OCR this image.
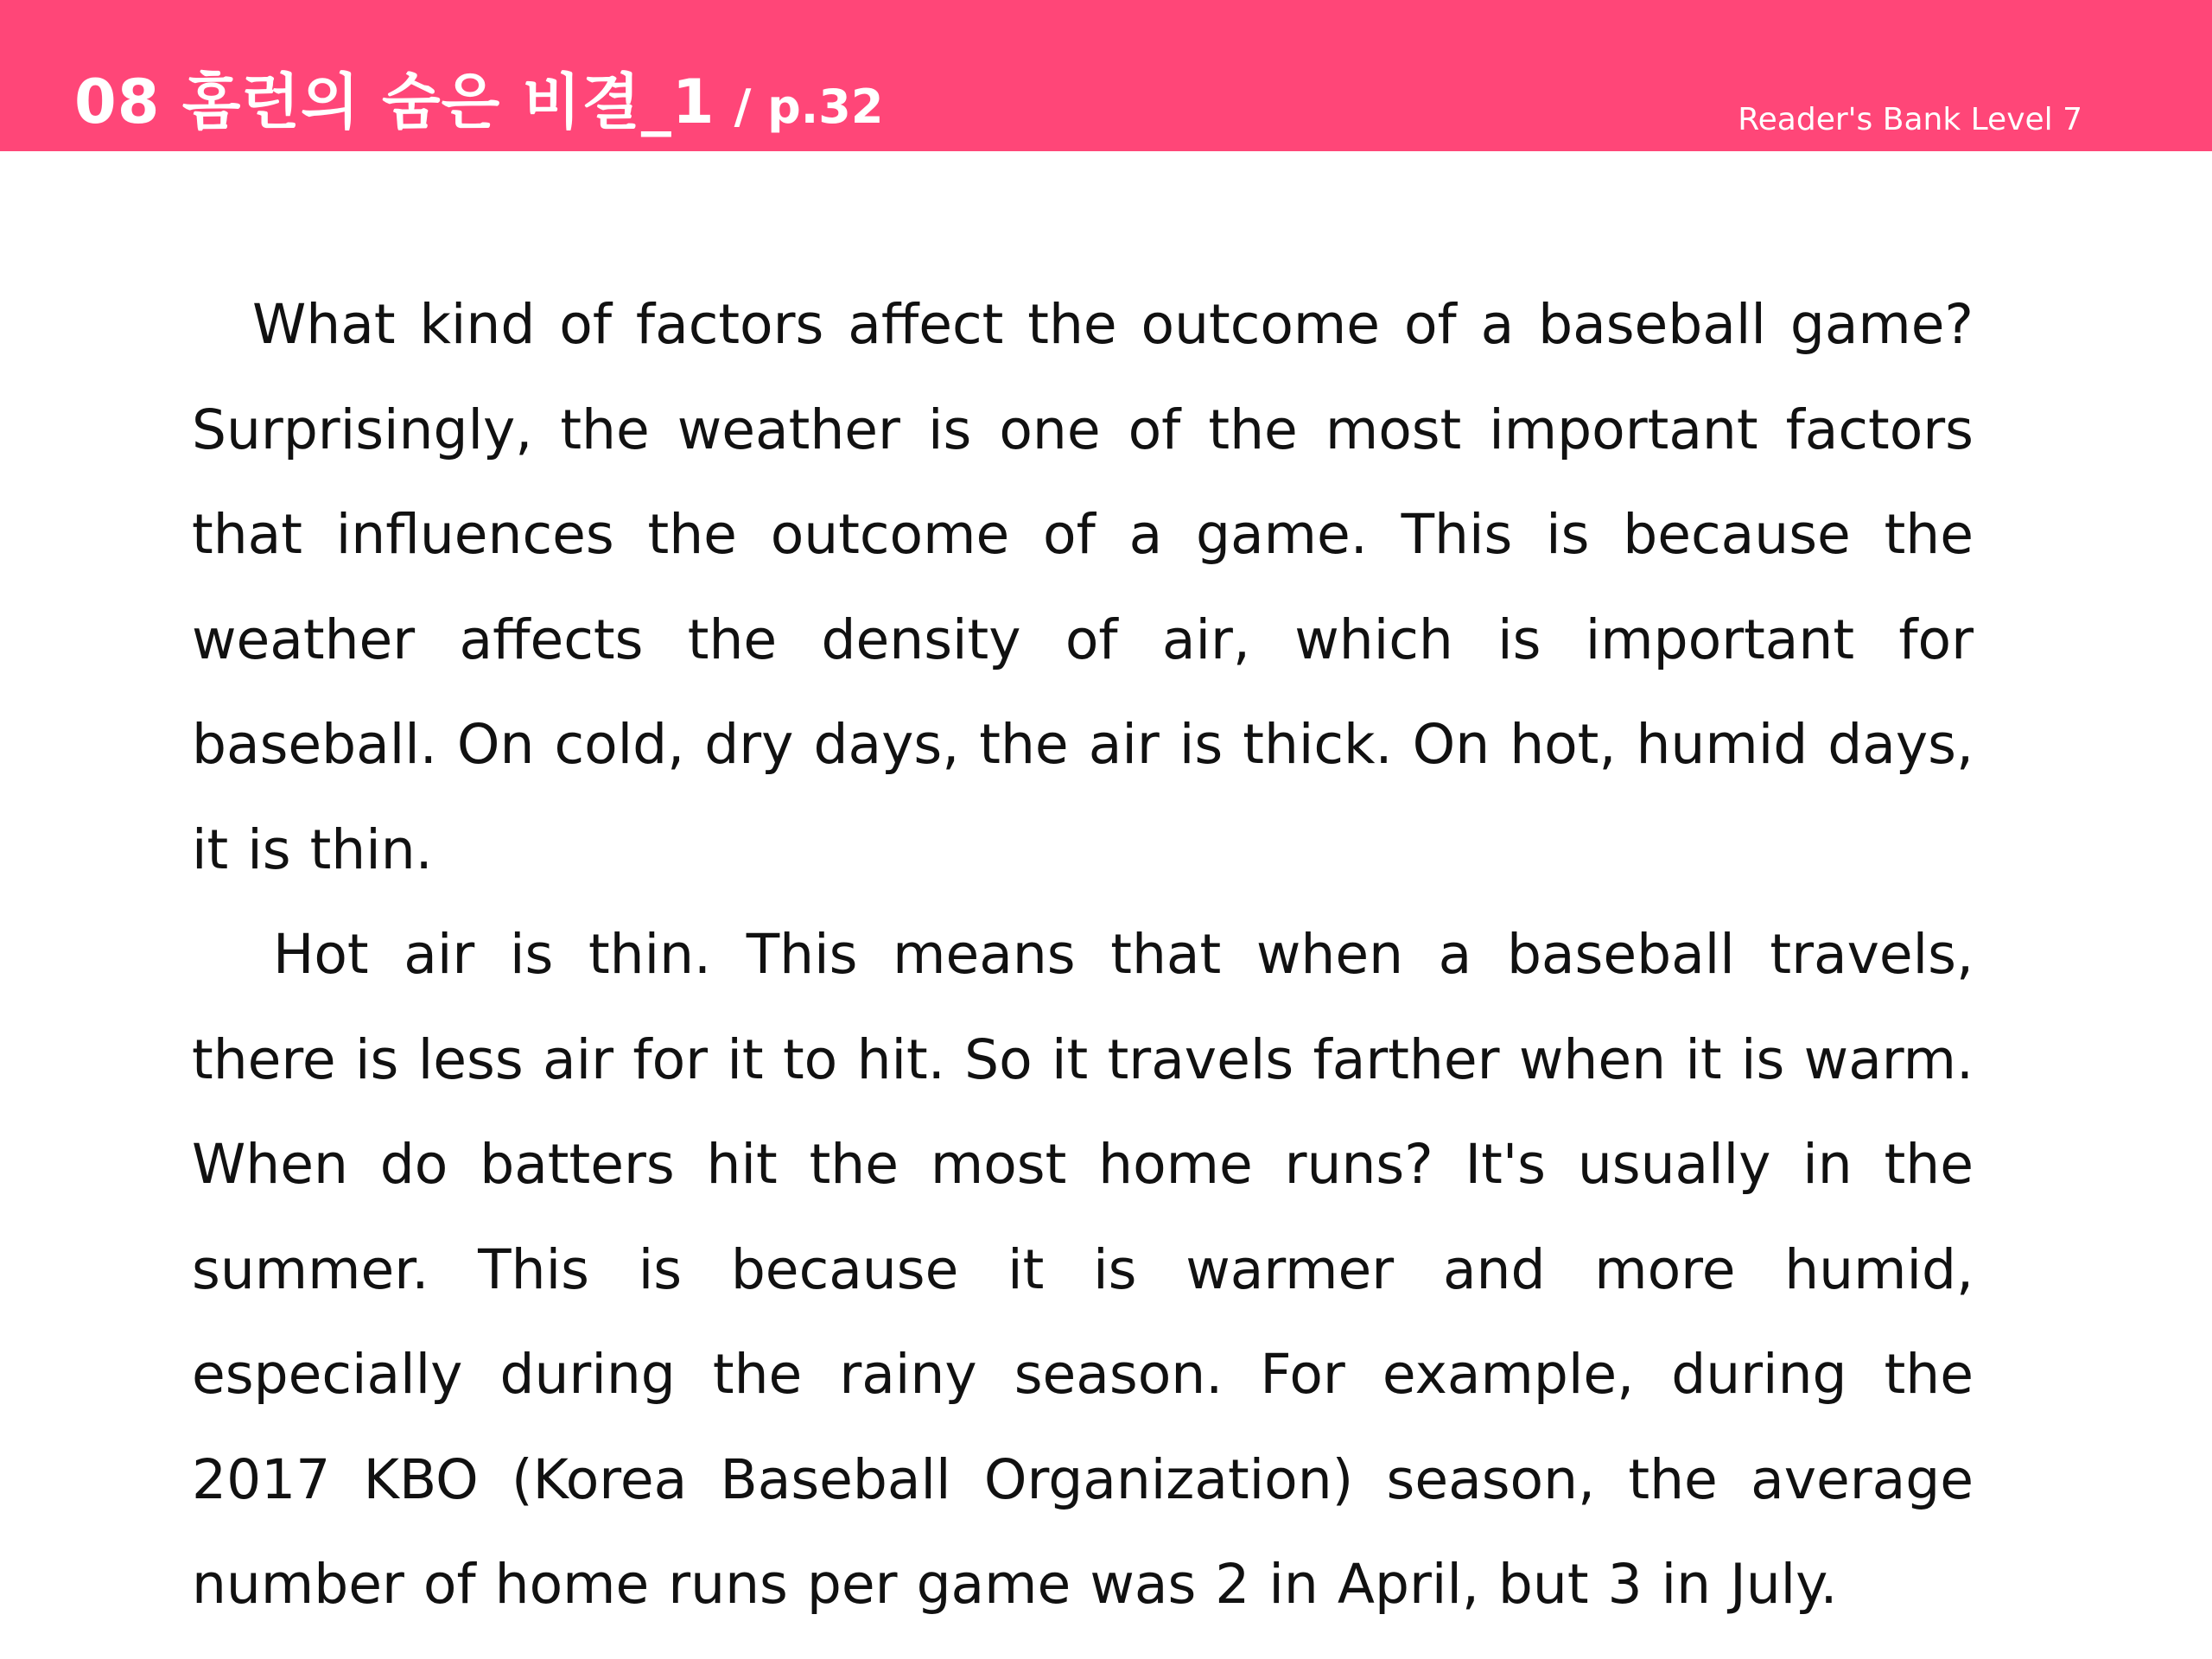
08 홈런의 숨은 비결_1 / p.32	Reader's Bank Level 7

What kind of factors affect the outcome of a baseball game? Surprisingly, the weather is one of the most important factors that influences the outcome of a game. This is because the weather affects the density of air, which is important for baseball. On cold, dry days, the air is thick. On hot, humid days, it is thin.

Hot air is thin. This means that when a baseball travels, there is less air for it to hit. So it travels farther when it is warm. When do batters hit the most home runs? It's usually in the summer. This is because it is warmer and more humid, especially during the rainy season. For example, during the 2017 KBO (Korea Baseball Organization) season, the average number of home runs per game was 2 in April, but 3 in July.
